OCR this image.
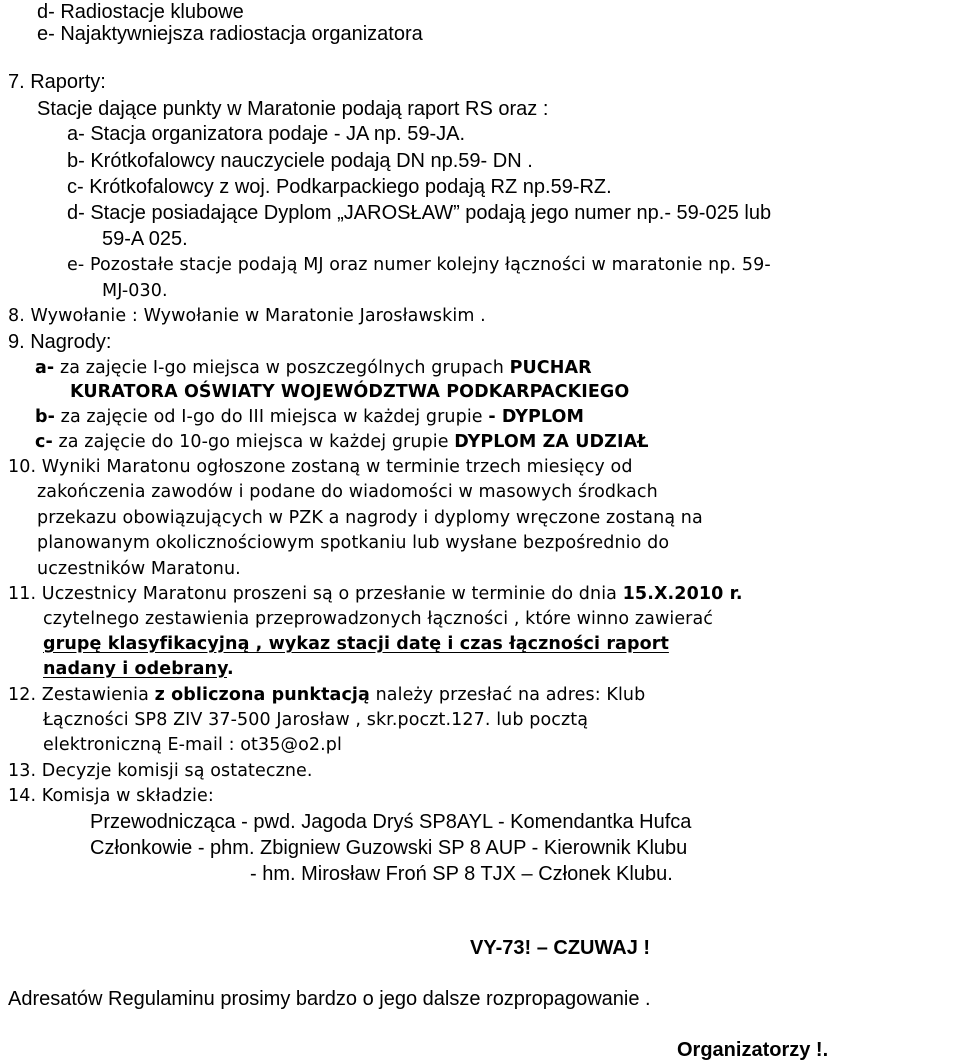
d- Radiostacje klubowe
e- Najaktywniejsza radiostacja organizatora
7. Raporty:
Stacje dające punkty w Maratonie podają raport RS oraz :
a- Stacja organizatora podaje - JA np. 59-JA.
b- Krótkofalowcy nauczyciele podają DN np.59- DN .
c- Krótkofalowcy z woj. Podkarpackiego podają RZ np.59-RZ.
d- Stacje posiadające Dyplom „JAROSŁAW” podają jego numer np.- 59-025 lub
59-A 025.
e- Pozostałe stacje podają MJ oraz numer kolejny łączności w maratonie np. 59-
MJ-030.
8. Wywołanie : Wywołanie w Maratonie Jarosławskim .
9. Nagrody:
a- za zajęcie I-go miejsca w poszczególnych grupach PUCHAR
KURATORA OŚWIATY WOJEWÓDZTWA PODKARPACKIEGO
b- za zajęcie od I-go do III miejsca w każdej grupie - DYPLOM
c- za zajęcie do 10-go miejsca w każdej grupie DYPLOM ZA UDZIAŁ
10. Wyniki Maratonu ogłoszone zostaną w terminie trzech miesięcy od
zakończenia zawodów i podane do wiadomości w masowych środkach
przekazu obowiązujących w PZK a nagrody i dyplomy wręczone zostaną na
planowanym okolicznościowym spotkaniu lub wysłane bezpośrednio do
uczestników Maratonu.
11. Uczestnicy Maratonu proszeni są o przesłanie w terminie do dnia 15.X.2010 r.
czytelnego zestawienia przeprowadzonych łączności , które winno zawierać
grupę klasyfikacyjną , wykaz stacji datę i czas łączności raport
nadany i odebrany.
12. Zestawienia z obliczona punktacją należy przesłać na adres: Klub
Łączności SP8 ZIV 37-500 Jarosław , skr.poczt.127. lub pocztą
elektroniczną E-mail : ot35@o2.pl
13. Decyzje komisji są ostateczne.
14. Komisja w składzie:
Przewodnicząca - pwd. Jagoda Dryś SP8AYL - Komendantka Hufca
Członkowie - phm. Zbigniew Guzowski SP 8 AUP - Kierownik Klubu
- hm. Mirosław Froń SP 8 TJX – Członek Klubu.
VY-73! – CZUWAJ !
Adresatów Regulaminu prosimy bardzo o jego dalsze rozpropagowanie .
Organizatorzy !.
